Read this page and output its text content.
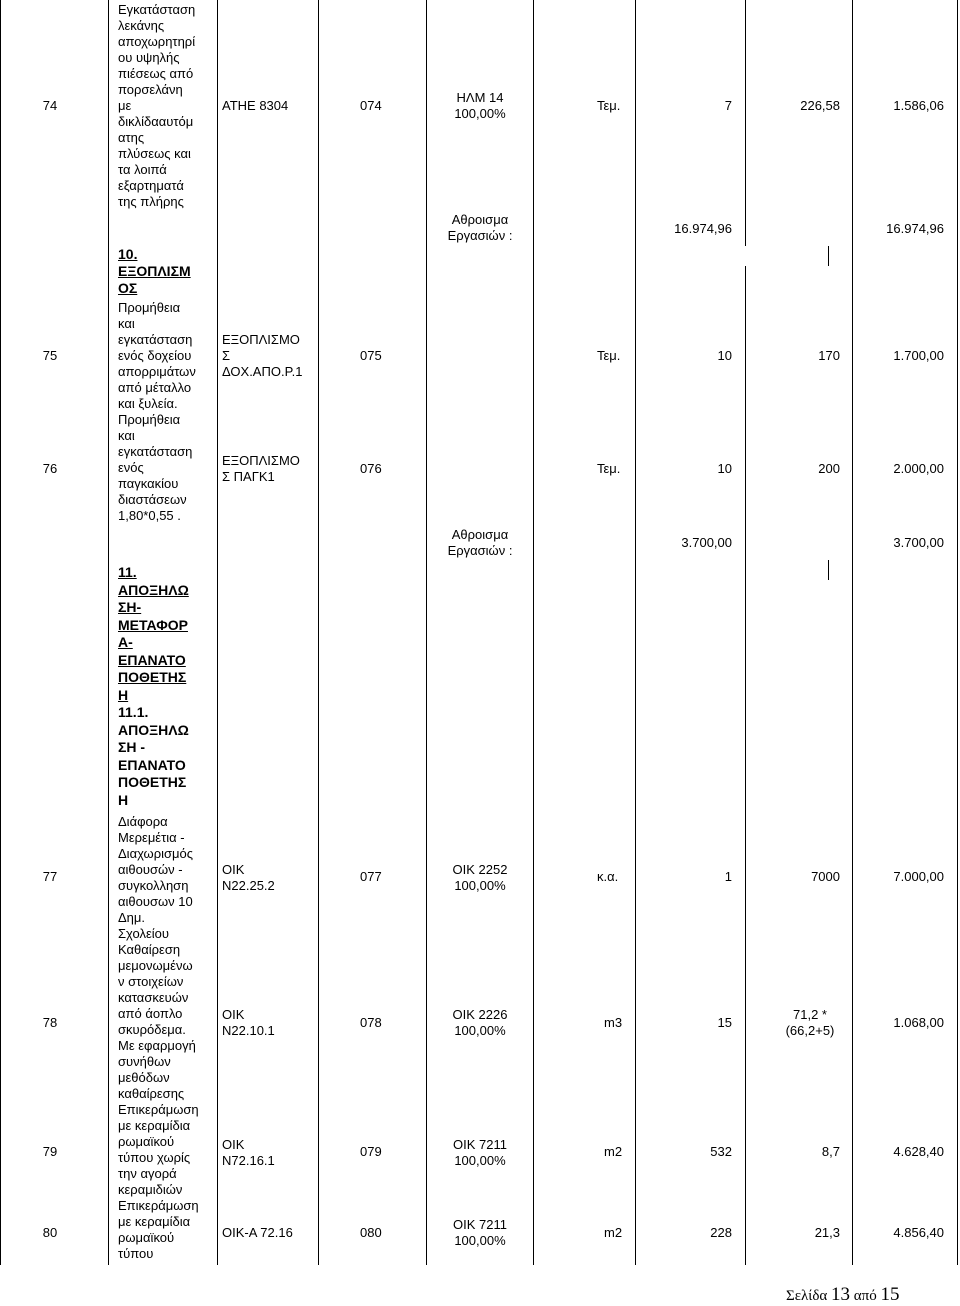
74
75
76
77
78
79
80
Εγκατάσταση
λεκάνης
αποχωρητηρί
ου υψηλής
πιέσεως από
πορσελάνη
με
δικλίδααυτόμ
ατης
πλύσεως και
τα λοιπά
εξαρτηματά
της πλήρης
10.
ΕΞΟΠΛΙΣΜ
ΟΣ
Προμήθεια
και
εγκατάσταση
ενός δοχείου
απορριμάτων
από μέταλλο
και ξυλεία.
Προμήθεια
και
εγκατάσταση
ενός
παγκακίου
διαστάσεων
1,80*0,55 .
11.
ΑΠΟΞΗΛΩ
ΣΗ-
ΜΕΤΑΦΟΡ
Α-
ΕΠΑΝΑΤΟ
ΠΟΘΕΤΗΣ
Η
11.1.
ΑΠΟΞΗΛΩ
ΣΗ -
ΕΠΑΝΑΤΟ
ΠΟΘΕΤΗΣ
Η
Διάφορα
Μερεμέτια -
Διαχωρισμός
αιθουσών -
συγκολληση
αιθουσων 10
Δημ.
Σχολείου
Καθαίρεση
μεμονωμένω
ν στοιχείων
κατασκευών
από άοπλο
σκυρόδεμα.
Με εφαρμογή
συνήθων
μεθόδων
καθαίρεσης
Επικεράμωση
με κεραμίδια
ρωμαϊκού
τύπου χωρίς
την αγορά
κεραμιδιών
Επικεράμωση
με κεραμίδια
ρωμαϊκού
τύπου
ΑΤΗΕ 8304
ΕΞΟΠΛΙΣΜΟ
Σ
ΔΟΧ.ΑΠΟ.Ρ.1
ΕΞΟΠΛΙΣΜΟ
Σ ΠΑΓΚ1
ΟΙΚ
Ν22.25.2
ΟΙΚ
Ν22.10.1
ΟΙΚ
Ν72.16.1
ΟΙΚ-Α 72.16
074
075
076
077
078
079
080
ΗΛΜ 14
100,00%
Αθροισμα
Εργασιών :
Αθροισμα
Εργασιών :
ΟΙΚ 2252
100,00%
ΟΙΚ 2226
100,00%
ΟΙΚ 7211
100,00%
ΟΙΚ 7211
100,00%
Τεμ.
Τεμ.
Τεμ.
κ.α.
m3
m2
m2
7
10
10
1
15
532
228
16.974,96
3.700,00
226,58
170
200
7000
71,2 *
(66,2+5)
8,7
21,3
1.586,06
16.974,96
1.700,00
2.000,00
3.700,00
7.000,00
1.068,00
4.628,40
4.856,40
Σελίδα 13 από 15
